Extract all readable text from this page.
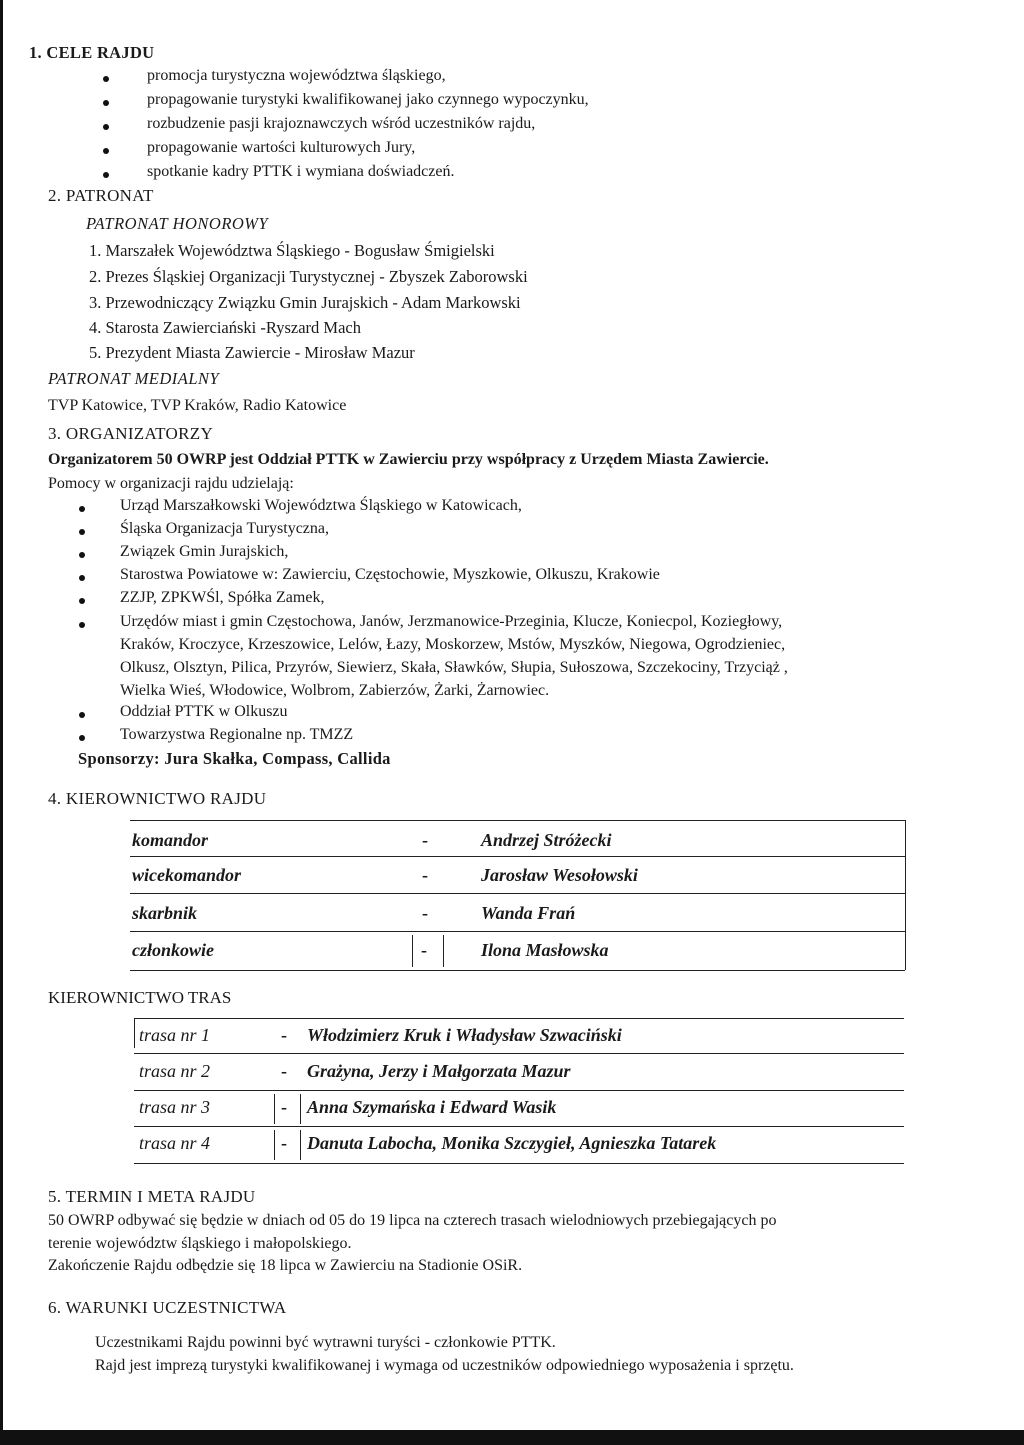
1. CELE RAJDU
promocja turystyczna województwa śląskiego,
propagowanie turystyki kwalifikowanej jako czynnego wypoczynku,
rozbudzenie pasji krajoznawczych wśród uczestników rajdu,
propagowanie wartości kulturowych Jury,
spotkanie kadry PTTK i wymiana doświadczeń.
2. PATRONAT
PATRONAT HONOROWY
1. Marszałek Województwa Śląskiego - Bogusław Śmigielski
2. Prezes Śląskiej Organizacji Turystycznej - Zbyszek Zaborowski
3. Przewodniczący Związku Gmin Jurajskich - Adam Markowski
4. Starosta Zawierciański -Ryszard Mach
5. Prezydent Miasta Zawiercie - Mirosław Mazur
PATRONAT MEDIALNY
TVP Katowice, TVP Kraków, Radio Katowice
3. ORGANIZATORZY
Organizatorem 50 OWRP jest Oddział PTTK w Zawierciu przy współpracy z Urzędem Miasta Zawiercie.
Pomocy w organizacji rajdu udzielają:
Urząd Marszałkowski Województwa Śląskiego w Katowicach,
Śląska Organizacja Turystyczna,
Związek Gmin Jurajskich,
Starostwa Powiatowe w: Zawierciu, Częstochowie, Myszkowie, Olkuszu, Krakowie
ZZJP, ZPKWŚl, Spółka Zamek,
Urzędów miast i gmin Częstochowa, Janów, Jerzmanowice-Przeginia, Klucze, Koniecpol, Koziegłowy,
Kraków, Kroczyce, Krzeszowice, Lelów, Łazy, Moskorzew, Mstów, Myszków, Niegowa, Ogrodzieniec,
Olkusz, Olsztyn, Pilica, Przyrów, Siewierz, Skała, Sławków, Słupia, Sułoszowa, Szczekociny, Trzyciąż ,
Wielka Wieś, Włodowice, Wolbrom, Zabierzów, Żarki, Żarnowiec.
Oddział PTTK w Olkuszu
Towarzystwa Regionalne np. TMZZ
Sponsorzy: Jura Skałka, Compass, Callida
4. KIEROWNICTWO RAJDU
komandor	-	Andrzej Stróżecki
wicekomandor	-	Jarosław Wesołowski
skarbnik	-	Wanda Frań
członkowie	-	Ilona Masłowska
KIEROWNICTWO TRAS
trasa nr 1	- Włodzimierz Kruk i Władysław Szwaciński
trasa nr 2	- Grażyna, Jerzy i Małgorzata Mazur
trasa nr 3	- Anna Szymańska i Edward Wasik
trasa nr 4	- Danuta Labocha, Monika Szczygieł, Agnieszka Tatarek
5. TERMIN I META RAJDU
50 OWRP odbywać się będzie w dniach od 05 do 19 lipca na czterech trasach wielodniowych przebiegających po
terenie województw śląskiego i małopolskiego.
Zakończenie Rajdu odbędzie się 18 lipca w Zawierciu na Stadionie OSiR.
6. WARUNKI UCZESTNICTWA
Uczestnikami Rajdu powinni być wytrawni turyści - członkowie PTTK.
Rajd jest imprezą turystyki kwalifikowanej i wymaga od uczestników odpowiedniego wyposażenia i sprzętu.
